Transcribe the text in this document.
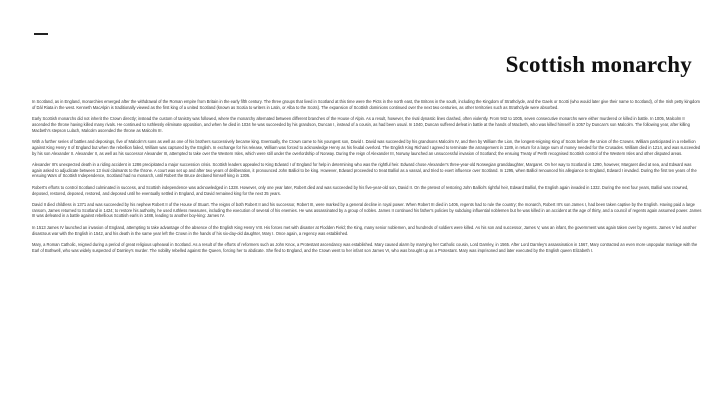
Scottish monarchy

In Scotland, as in England, monarchies emerged after the withdrawal of the Roman empire from Britain in the early fifth century. The three groups that lived in Scotland at this time were the Picts in the north east, the Britons in the south, including the Kingdom of Strathclyde, and the Gaels or Scotti (who would later give their name to Scotland), of the Irish petty kingdom of Dál Riata in the west. Kenneth MacAlpin is traditionally viewed as the first king of a united Scotland (known as Scotia to writers in Latin, or Alba to the Scots). The expansion of Scottish dominions continued over the next two centuries, as other territories such as Strathclyde were absorbed.

Early Scottish monarchs did not inherit the Crown directly; instead the custom of tanistry was followed, where the monarchy alternated between different branches of the House of Alpin. As a result, however, the rival dynastic lines clashed, often violently. From 942 to 1005, seven consecutive monarchs were either murdered or killed in battle. In 1005, Malcolm II ascended the throne having killed many rivals. He continued to ruthlessly eliminate opposition, and when he died in 1034 he was succeeded by his grandson, Duncan I, instead of a cousin, as had been usual. In 1040, Duncan suffered defeat in battle at the hands of Macbeth, who was killed himself in 1057 by Duncan's son Malcolm. The following year, after killing Macbeth's stepson Lulach, Malcolm ascended the throne as Malcolm III.

With a further series of battles and deposings, five of Malcolm's sons as well as one of his brothers successively became king. Eventually, the Crown came to his youngest son, David I. David was succeeded by his grandsons Malcolm IV, and then by William the Lion, the longest-reigning King of Scots before the Union of the Crowns. William participated in a rebellion against King Henry II of England but when the rebellion failed, William was captured by the English. In exchange for his release, William was forced to acknowledge Henry as his feudal overlord. The English King Richard I agreed to terminate the arrangement in 1189, in return for a large sum of money needed for the Crusades. William died in 1214, and was succeeded by his son Alexander II. Alexander II, as well as his successor Alexander III, attempted to take over the Western Isles, which were still under the overlordship of Norway. During the reign of Alexander III, Norway launched an unsuccessful invasion of Scotland; the ensuing Treaty of Perth recognised Scottish control of the Western Isles and other disputed areas.

Alexander III's unexpected death in a riding accident in 1286 precipitated a major succession crisis. Scottish leaders appealed to King Edward I of England for help in determining who was the rightful heir. Edward chose Alexander's three-year-old Norwegian granddaughter, Margaret. On her way to Scotland in 1290, however, Margaret died at sea, and Edward was again asked to adjudicate between 13 rival claimants to the throne. A court was set up and after two years of deliberation, it pronounced John Balliol to be king. However, Edward proceeded to treat Balliol as a vassal, and tried to exert influence over Scotland. In 1295, when Balliol renounced his allegiance to England, Edward I invaded. During the first ten years of the ensuing Wars of Scottish Independence, Scotland had no monarch, until Robert the Bruce declared himself king in 1306.

Robert's efforts to control Scotland culminated in success, and Scottish independence was acknowledged in 1328. However, only one year later, Robert died and was succeeded by his five-year-old son, David II. On the pretext of restoring John Balliol's rightful heir, Edward Balliol, the English again invaded in 1332. During the next four years, Balliol was crowned, deposed, restored, deposed, restored, and deposed until he eventually settled in England, and David remained king for the next 35 years.

David II died childless in 1371 and was succeeded by his nephew Robert II of the House of Stuart. The reigns of both Robert II and his successor, Robert III, were marked by a general decline in royal power. When Robert III died in 1406, regents had to rule the country; the monarch, Robert III's son James I, had been taken captive by the English. Having paid a large ransom, James returned to Scotland in 1424; to restore his authority, he used ruthless measures, including the execution of several of his enemies. He was assassinated by a group of nobles. James II continued his father's policies by subduing influential noblemen but he was killed in an accident at the age of thirty, and a council of regents again assumed power. James III was defeated in a battle against rebellious Scottish earls in 1488, leading to another boy-king: James IV.

In 1513 James IV launched an invasion of England, attempting to take advantage of the absence of the English King Henry VIII. His forces met with disaster at Flodden Field; the King, many senior noblemen, and hundreds of soldiers were killed. As his son and successor, James V, was an infant, the government was again taken over by regents. James V led another disastrous war with the English in 1542, and his death in the same year left the Crown in the hands of his six-day-old daughter, Mary I. Once again, a regency was established.

Mary, a Roman Catholic, reigned during a period of great religious upheaval in Scotland. As a result of the efforts of reformers such as John Knox, a Protestant ascendancy was established. Mary caused alarm by marrying her Catholic cousin, Lord Darnley, in 1565. After Lord Darnley's assassination in 1567, Mary contracted an even more unpopular marriage with the Earl of Bothwell, who was widely suspected of Darnley's murder. The nobility rebelled against the Queen, forcing her to abdicate. She fled to England, and the Crown went to her infant son James VI, who was brought up as a Protestant. Mary was imprisoned and later executed by the English queen Elizabeth I.
